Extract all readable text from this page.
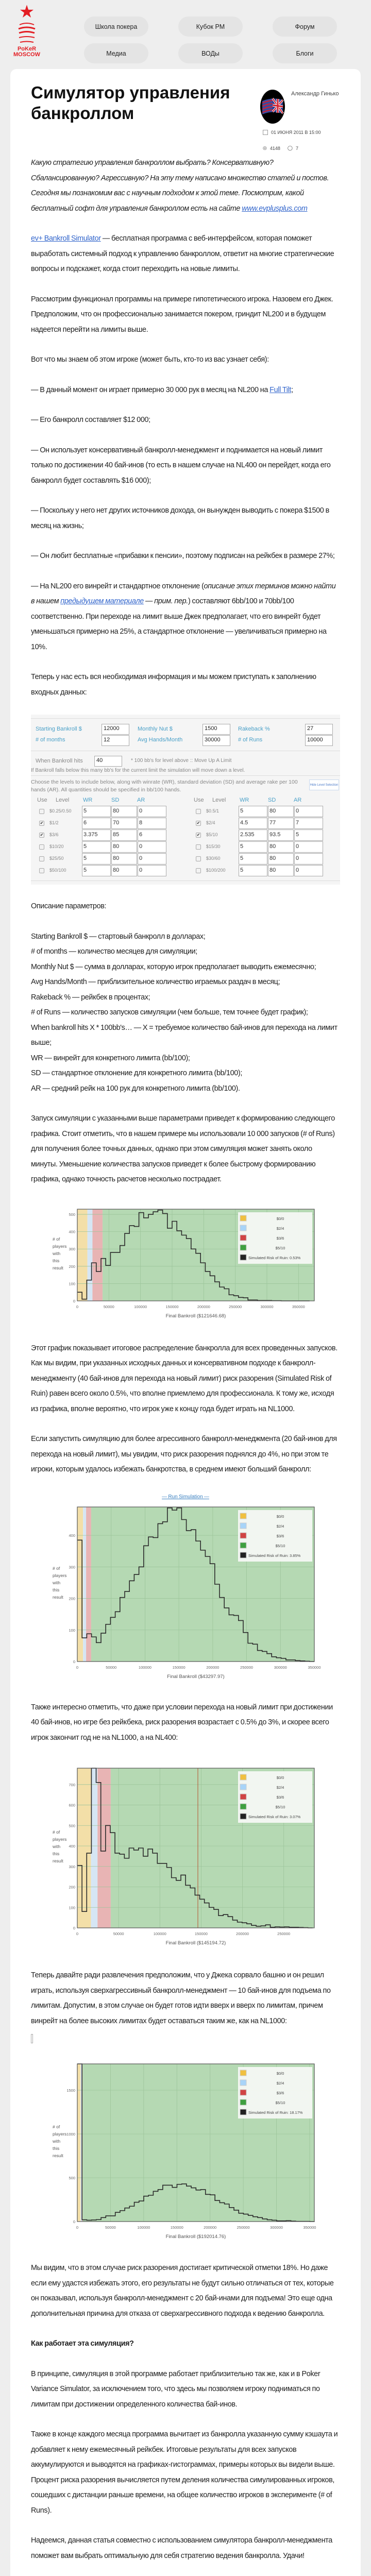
★
PoKeR MOSCOW
Школа покера	Кубок PM	Форум
Медиа	ВОДы	Блоги
Симулятор управления банкроллом
Александр Гинько
01 ИЮНЯ 2011 В 15:00
◎ 4148 ◯ 7

Какую стратегию управления банкроллом выбрать? Консервативную? Сбалансированную? Агрессивную? На эту тему написано множество статей и постов. Сегодня мы познакомим вас с научным подходом к этой теме. Посмотрим, какой бесплатный софт для управления банкроллом есть на сайте www.evplusplus.com

ev+ Bankroll Simulator — бесплатная программа с веб-интерфейсом, которая поможет выработать системный подход к управлению банкроллом, ответит на многие стратегические вопросы и подскажет, когда стоит переходить на новые лимиты.

Рассмотрим функционал программы на примере гипотетического игрока. Назовем его Джек. Предположим, что он профессионально занимается покером, гриндит NL200 и в будущем надеется перейти на лимиты выше.

Вот что мы знаем об этом игроке (может быть, кто-то из вас узнает себя):

— В данный момент он играет примерно 30 000 рук в месяц на NL200 на Full Tilt;

— Его банкролл составляет $12 000;

— Он использует консервативный банкролл-менеджмент и поднимается на новый лимит только по достижении 40 бай-инов (то есть в нашем случае на NL400 он перейдет, когда его банкролл будет составлять $16 000);

— Поскольку у него нет других источников дохода, он вынужден выводить с покера $1500 в месяц на жизнь;

— Он любит бесплатные «прибавки к пенсии», поэтому подписан на рейкбек в размере 27%;

— На NL200 его винрейт и стандартное отклонение (описание этих терминов можно найти в нашем предыдущем материале — прим. пер.) составляют 6bb/100 и 70bb/100 соответственно. При переходе на лимит выше Джек предполагает, что его винрейт будет уменьшаться примерно на 25%, а стандартное отклонение — увеличиваться примерно на 10%.

Теперь у нас есть вся необходимая информация и мы можем приступать к заполнению входных данных:

Starting Bankroll $	12000	Monthly Nut $	1500	Rakeback %	27
# of months	12	Avg Hands/Month	30000	# of Runs	10000
When Bankroll hits	40	* 100 bb's for level above :: Move Up A Limit
If Bankroll falls below this many bb's for the current limit the simulation will move down a level.
Choose the levels to include below, along with winrate (WR), standard deviation (SD) and average rake per 100 hands (AR). All quantities should be specified in bb/100 hands.
Hide Level Selection
Use Level WR	SD	AR
$0.25/0.50 5	80	0
✔ $1/2	6	70	8
✔ $3/6	3.375	85	6
$10/20	5	80	0
$25/50	5	80	0
$50/100	5	80	0
Use Level WR	SD	AR
$0.5/1	5	80	0
✔ $2/4	4.5	77	7
✔ $5/10	2.535	93.5	5
$15/30	5	80	0
$30/60	5	80	0
$100/200	5	80	0

Описание параметров:

Starting Bankroll $ — стартовый банкролл в долларах;
# of months — количество месяцев для симуляции;
Monthly Nut $ — сумма в долларах, которую игрок предполагает выводить ежемесячно;
Avg Hands/Month — приблизительное количество играемых раздач в месяц;
Rakeback % — рейкбек в процентах;
# of Runs — количество запусков симуляции (чем больше, тем точнее будет график);
When bankroll hits X * 100bb's… — X = требуемое количество бай-инов для перехода на лимит выше;
WR — винрейт для конкретного лимита (bb/100);
SD — стандартное отклонение для конкретного лимита (bb/100);
AR — средний рейк на 100 рук для конкретного лимита (bb/100).

Запуск симуляции с указанными выше параметрами приведет к формированию следующего графика. Стоит отметить, что в нашем примере мы использовали 10 000 запусков (# of Runs) для получения более точных данных, однако при этом симуляция может занять около минуты. Уменьшение количества запусков приведет к более быстрому формированию графика, однако точность расчетов несколько пострадает.

0	50000	100000	150000	200000	250000	300000	350000
0
100
200
300
400
500
$0/0
$2/4
$3/6
$5/10
Simulated Risk of Ruin: 0.53%
Final Bankroll ($121646.68)
# of
players
with
this
result

Этот график показывает итоговое распределение банкролла для всех проведенных запусков. Как мы видим, при указанных исходных данных и консервативном подходе к банкролл-менеджменту (40 бай-инов для перехода на новый лимит) риск разорения (Simulated Risk of Ruin) равен всего около 0.5%, что вполне приемлемо для профессионала. К тому же, исходя из графика, вполне вероятно, что игрок уже к концу года будет играть на NL1000.

Если запустить симуляцию для более агрессивного банкролл-менеджмента (20 бай-инов для перехода на новый лимит), мы увидим, что риск разорения поднялся до 4%, но при этом те игроки, которым удалось избежать банкротства, в среднем имеют больший банкролл:

— Run Simulation —
0	50000	100000	150000	200000	250000	300000	350000
0
100
200
300
400
$0/0
$2/4
$3/6
$5/10
Simulated Risk of Ruin: 3.85%
Final Bankroll ($43297.97)
# of
players
with
this
result

Также интересно отметить, что даже при условии перехода на новый лимит при достижении 40 бай-инов, но игре без рейкбека, риск разорения возрастает с 0.5% до 3%, и скорее всего игрок закончит год не на NL1000, а на NL400:

0	50000	100000	150000	200000	250000
0
100
200
300
400
500
600
700
$0/0
$2/4
$3/6
$5/10
Simulated Risk of Ruin: 3.07%
Final Bankroll ($145194.72)
# of
players
with
this
result

Теперь давайте ради развлечения предположим, что у Джека сорвало башню и он решил играть, используя сверхагрессивный банкролл-менеджмент — 10 бай-инов для подъема по лимитам. Допустим, в этом случае он будет готов идти вверх и вверх по лимитам, причем винрейт на более высоких лимитах будет оставаться таким же, как на NL1000:

0	50000	100000	150000	200000	250000	300000	350000
0
500
1000
1500
$0/0
$2/4
$3/6
$5/10
Simulated Risk of Ruin: 18.17%
Final Bankroll ($192014.76)
# of
players
with
this
result

Мы видим, что в этом случае риск разорения достигает критической отметки 18%. Но даже если ему удастся избежать этого, его результаты не будут сильно отличаться от тех, которые он показывал, используя банкролл-менеджмент с 20 бай-инами для подъема! Это еще одна дополнительная причина для отказа от сверхагрессивного подхода к ведению банкролла.

Как работает эта симуляция?

В принципе, симуляция в этой программе работает приблизительно так же, как и в Poker Variance Simulator, за исключением того, что здесь мы позволяем игроку подниматься по лимитам при достижении определенного количества бай-инов.

Также в конце каждого месяца программа вычитает из банкролла указанную сумму кэшаута и добавляет к нему ежемесячный рейкбек. Итоговые результаты для всех запусков аккумулируются и выводятся на графиках-гистограммах, примеры которых вы видели выше. Процент риска разорения вычисляется путем деления количества симулированных игроков, сошедших с дистанции раньше времени, на общее количество игроков в эксперименте (# of Runs).

Надеемся, данная статья совместно с использованием симулятора банкролл-менеджмента поможет вам выбрать оптимальную для себя стратегию ведения банкролла. Удачи!
